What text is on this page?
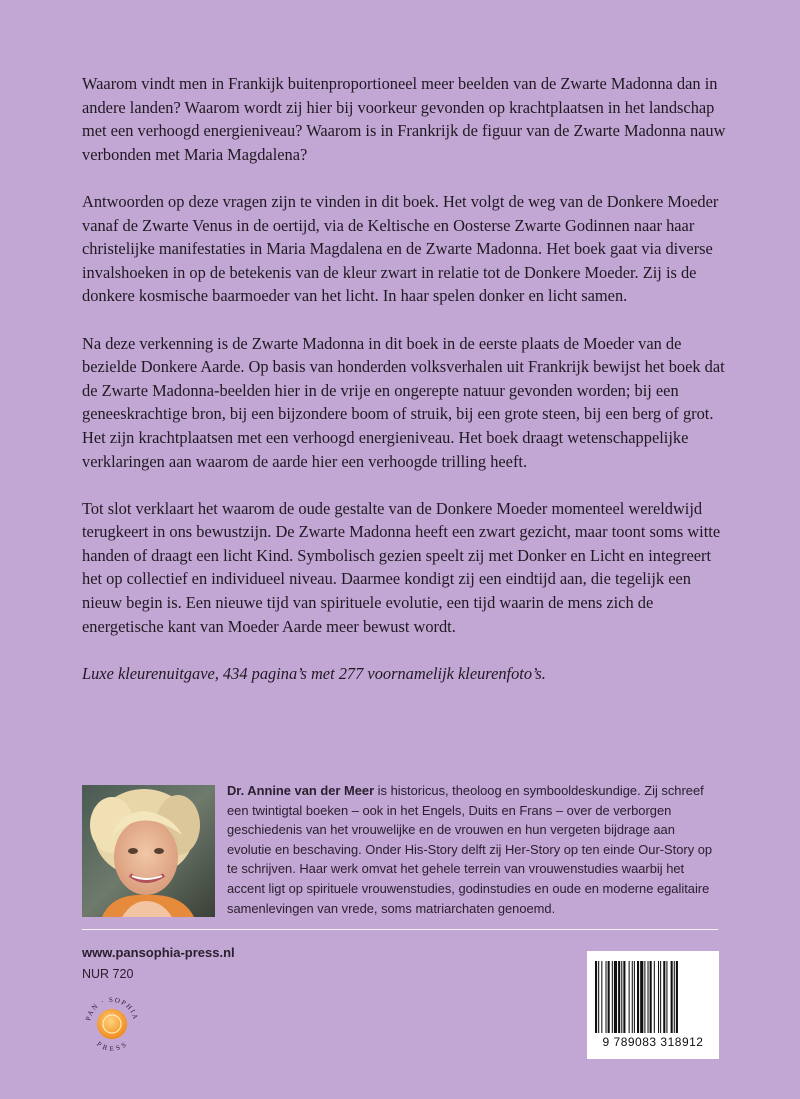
Waarom vindt men in Frankijk buitenproportioneel meer beelden van de Zwarte Madonna dan in andere landen? Waarom wordt zij hier bij voorkeur gevonden op krachtplaatsen in het landschap met een verhoogd energieniveau? Waarom is in Frankrijk de figuur van de Zwarte Madonna nauw verbonden met Maria Magdalena?

Antwoorden op deze vragen zijn te vinden in dit boek. Het volgt de weg van de Donkere Moeder vanaf de Zwarte Venus in de oertijd, via de Keltische en Oosterse Zwarte Godinnen naar haar christelijke manifestaties in Maria Magdalena en de Zwarte Madonna. Het boek gaat via diverse invalshoeken in op de betekenis van de kleur zwart in relatie tot de Donkere Moeder. Zij is de donkere kosmische baarmoeder van het licht. In haar spelen donker en licht samen.

Na deze verkenning is de Zwarte Madonna in dit boek in de eerste plaats de Moeder van de bezielde Donkere Aarde. Op basis van honderden volksverhalen uit Frankrijk bewijst het boek dat de Zwarte Madonna-beelden hier in de vrije en ongerepte natuur gevonden worden; bij een geneeskrachtige bron, bij een bijzondere boom of struik, bij een grote steen, bij een berg of grot. Het zijn krachtplaatsen met een verhoogd energieniveau. Het boek draagt wetenschappelijke verklaringen aan waarom de aarde hier een verhoogde trilling heeft.

Tot slot verklaart het waarom de oude gestalte van de Donkere Moeder momenteel wereldwijd terugkeert in ons bewustzijn. De Zwarte Madonna heeft een zwart gezicht, maar toont soms witte handen of draagt een licht Kind. Symbolisch gezien speelt zij met Donker en Licht en integreert het op collectief en individueel niveau. Daarmee kondigt zij een eindtijd aan, die tegelijk een nieuw begin is. Een nieuwe tijd van spirituele evolutie, een tijd waarin de mens zich de energetische kant van Moeder Aarde meer bewust wordt.

Luxe kleurenuitgave, 434 pagina’s met 277 voornamelijk kleurenfoto’s.

Dr. Annine van der Meer is historicus, theoloog en symbooldeskundige. Zij schreef een twintigtal boeken – ook in het Engels, Duits en Frans – over de verborgen geschiedenis van het vrouwelijke en de vrouwen en hun vergeten bijdrage aan evolutie en beschaving. Onder His-Story delft zij Her-Story op ten einde Our-Story op te schrijven. Haar werk omvat het gehele terrein van vrouwenstudies waarbij het accent ligt op spirituele vrouwenstudies, godinstudies en oude en moderne egalitaire samenlevingen van vrede, soms matriarchaten genoemd.
www.pansophia-press.nl
NUR 720
PAN · SOPHIA
PRESS	9 789083 318912
